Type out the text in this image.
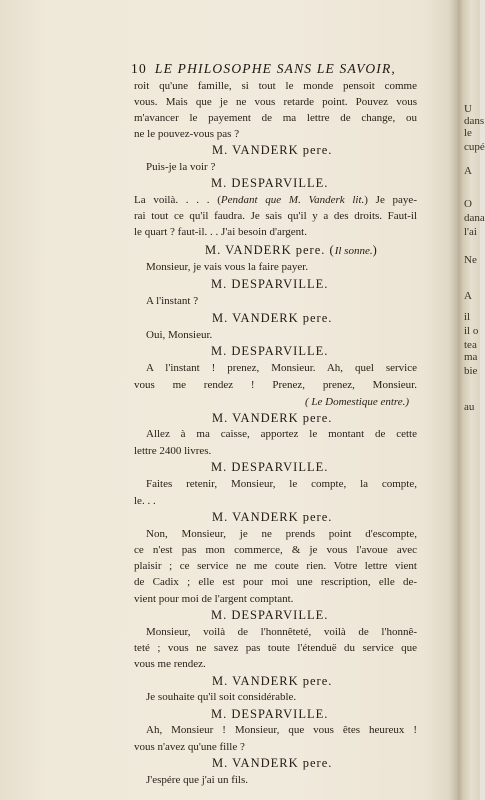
U
dans
le
cupé
A
O
dana
l'ai
Ne
A
il
il o
tea
ma
bie
au
10 LE PHILOSOPHE SANS LE SAVOIR,
roit qu'une famille, si tout le monde pensoit comme
vous. Mais que je ne vous retarde point. Pouvez vous
m'avancer le payement de ma lettre de change, ou
ne le pouvez-vous pas ?
M. VANDERK pere.
Puis-je la voir ?
M. DESPARVILLE.
La voilà. . . . (Pendant que M. Vanderk lit.) Je paye-
rai tout ce qu'il faudra. Je sais qu'il y a des droits. Faut-il
le quart ? faut-il. . . J'ai besoin d'argent.
M. VANDERK pere. (Il sonne.)
Monsieur, je vais vous la faire payer.
M. DESPARVILLE.
A l'instant ?
M. VANDERK pere.
Oui, Monsieur.
M. DESPARVILLE.
A l'instant ! prenez, Monsieur. Ah, quel service
vous me rendez ! Prenez, prenez, Monsieur.
( Le Domestique entre.)
M. VANDERK pere.
Allez à ma caisse, apportez le montant de cette
lettre 2400 livres.
M. DESPARVILLE.
Faites retenir, Monsieur, le compte, la compte,
le. . .
M. VANDERK pere.
Non, Monsieur, je ne prends point d'escompte,
ce n'est pas mon commerce, & je vous l'avoue avec
plaisir ; ce service ne me coute rien. Votre lettre vient
de Cadix ; elle est pour moi une rescription, elle de-
vient pour moi de l'argent comptant.
M. DESPARVILLE.
Monsieur, voilà de l'honnêteté, voilà de l'honnê-
teté ; vous ne savez pas toute l'étenduë du service que
vous me rendez.
M. VANDERK pere.
Je souhaite qu'il soit considérable.
M. DESPARVILLE.
Ah, Monsieur ! Monsieur, que vous êtes heureux !
vous n'avez qu'une fille ?
M. VANDERK pere.
J'espére que j'ai un fils.
